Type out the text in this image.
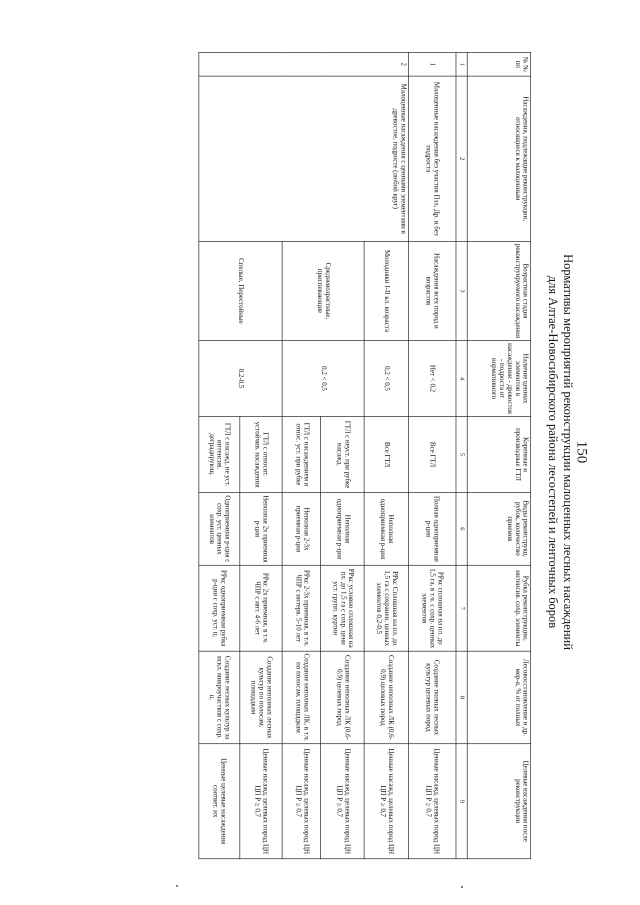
150
Нормативы мероприятий реконструкции малоценных лесных насаждений
для Алтае-Новосибирского района лесостепей и ленточных боров
№ № пп	Насаждения, подлежащие реконструкции, относящиеся к малоценным	Возрастная стадия реконструируемого насаждения	Наличие ценных элементов в насаждении - древостоя - подроста от нормативного	Коренные и производные ГТЛ	Виды реконструкц. рубок, количество приемов	Рубка реконструкции, интенсив. сохр. элементы	Лесовосстановление и др. мер-я, % от полных	Целевые насаждения после реконструкции
1	2	3	4	5	6	7	8	9
1	Малоценные насаждения без участия Пзл, Др. и без подроста	Насаждения всех пород и возрастов	Нет < 0,2	Все ГТЛ	Полная одноприемная р-ция	РРкс сплошная на пл. до 1,5 га, в т.ч. с сохр. ценных элементов	Создание полных лесных культур целевых пород	Ценные насажд. целевых пород ЦН ЦП Р ≥ 0,7
2	Малоценные насаждения с ценными элементами в древостое, подросте (любой круг)	Молодняки I-II кл. возраста	0,2 < 0,5	Все ГТЛ	Неполная одноприемная р-ция	РРкс Сплошная на пл. до 1,5 га с сохранен. ценных элементов 0,2-0,5	Создание неполных ЛК (0,6-0,9) целевых пород	Ценные насажд. целевых пород ЦН ЦП Р ≥ 0,7
		Средневозрастные, приспевающие	0,2 < 0,5	ГТЛ с неуст. при рубке насажд.	Неполная одноприемная р-ция	РРкс условно сплошная на пл. до 1,5 га с сохр. цени уст. групп. куртин	Создание неполных ЛК (0,6-0,9) целевых пород	Ценные насажд. целевых пород ЦН ЦП Р ≥ 0,7
				ГТЛ с насаждением и относ. уст. при рубке	Неполная 2-3х приемная р-ция	РРкс 2-3х приемная, в т.ч. ЧПР с интерв. 5-10 лет	Создание неполных ЛК, в т.ч. по полосам, площадкам	Ценные насажд. целевых пород ЦН ЦП Р ≥ 0,7
		Спелые, Перестойные	0,2-0,5	ГТЛ с относит. устойчив. насаждения	Неполная 2х приемная р-ция	РРкс 2х приемная, в т.ч. ЧПР с инт. 4-6 лет	Создание неполных лесных культур по полосам, площадкам	Ценные насажд. целевых пород ЦН ЦП Р ≥ 0,7
				ГТЛ с насажд. не уст. интенсив. деградирующ.	Одноприемная р-ция с сохр. уст. ценных элементов	РРкс одноприемная рубка р-ции с сохр. уст. ц.	Создание лесных культур за искл. микроучастков с сохр. ц.	Ценные целевые насаждения соответ. их
